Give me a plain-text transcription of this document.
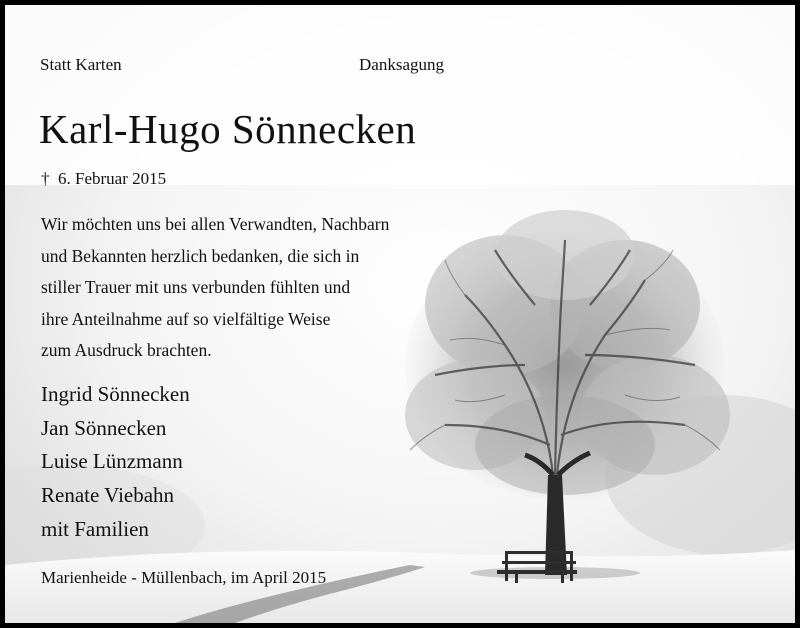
Statt Karten	Danksagung
Karl-Hugo Sönnecken
† 6. Februar 2015
Wir möchten uns bei allen Verwandten, Nachbarn
und Bekannten herzlich bedanken, die sich in
stiller Trauer mit uns verbunden fühlten und
ihre Anteilnahme auf so vielfältige Weise
zum Ausdruck brachten.
Ingrid Sönnecken
Jan Sönnecken
Luise Lünzmann
Renate Viebahn
mit Familien
Marienheide - Müllenbach, im April 2015
